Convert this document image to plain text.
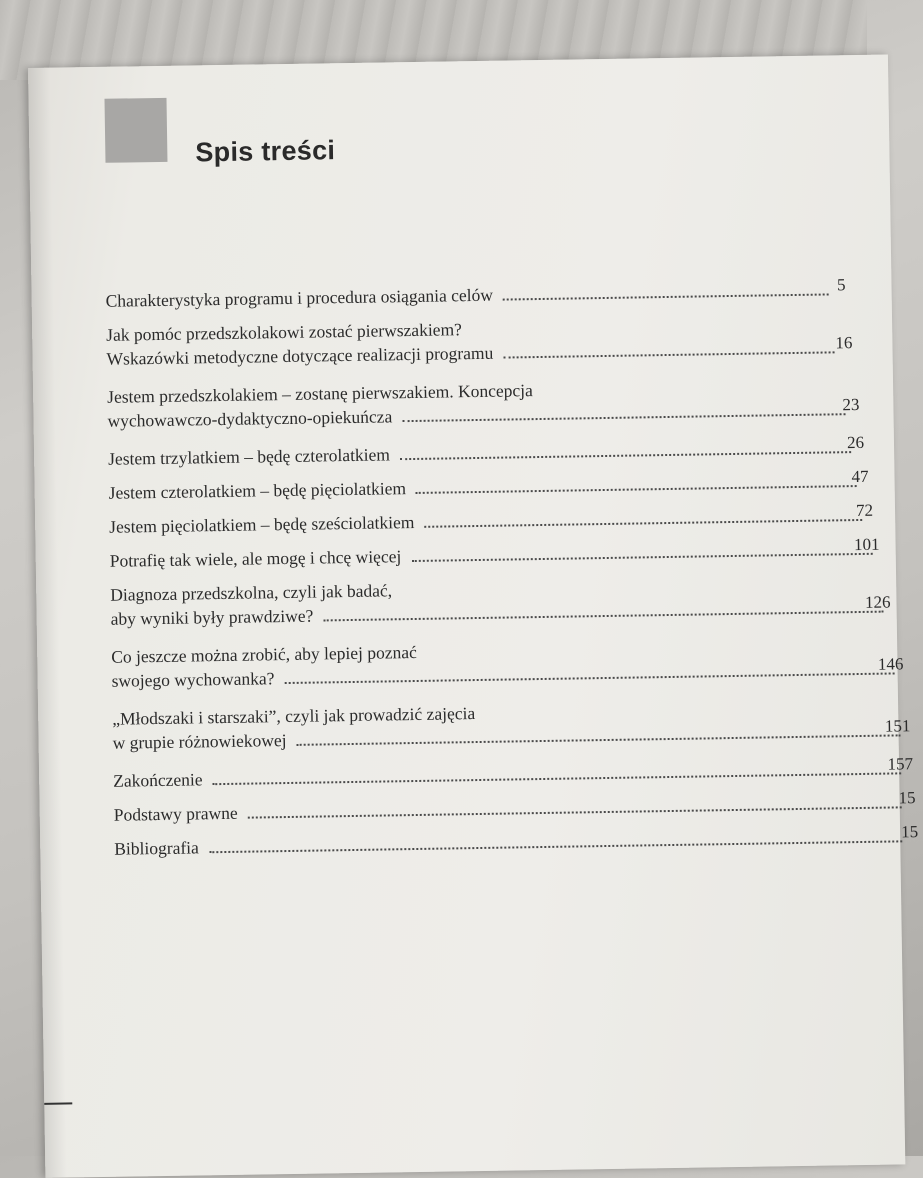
Spis treści
Charakterystyka programu i procedura osiągania celów	5
Jak pomóc przedszkolakowi zostać pierwszakiem?
Wskazówki metodyczne dotyczące realizacji programu
16
Jestem przedszkolakiem – zostanę pierwszakiem. Koncepcja
wychowawczo-dydaktyczno-opiekuńcza
23
Jestem trzylatkiem – będę czterolatkiem
26
Jestem czterolatkiem – będę pięciolatkiem
47
Jestem pięciolatkiem – będę sześciolatkiem
72
Potrafię tak wiele, ale mogę i chcę więcej
101
Diagnoza przedszkolna, czyli jak badać,
aby wyniki były prawdziwe?
126
Co jeszcze można zrobić, aby lepiej poznać
swojego wychowanka?
146
„Młodszaki i starszaki”, czyli jak prowadzić zajęcia
w grupie różnowiekowej
151
Zakończenie
157
Podstawy prawne
15
Bibliografia
15
